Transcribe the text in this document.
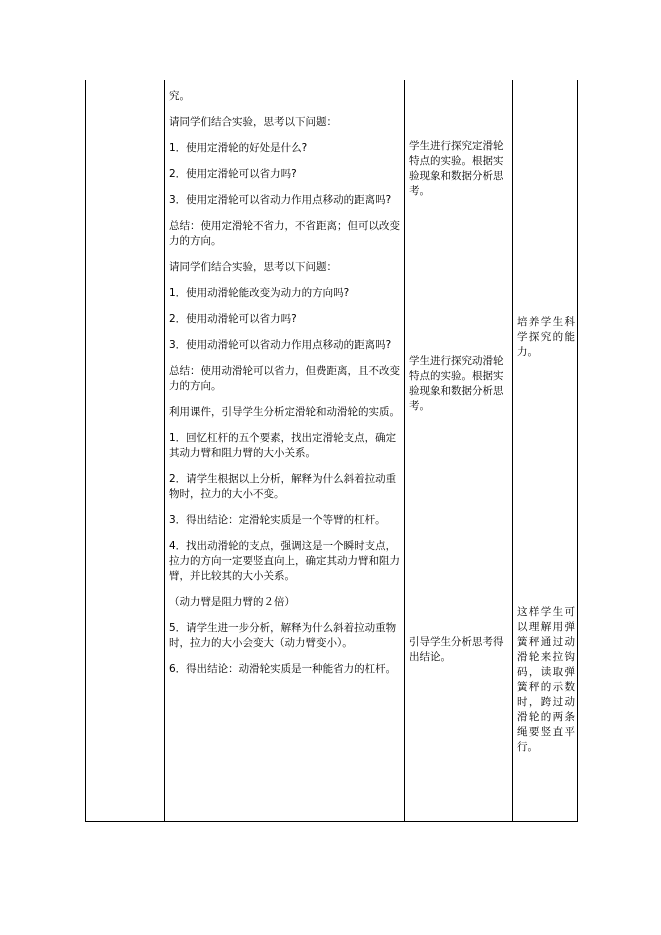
究。

请同学们结合实验，思考以下问题：

1．使用定滑轮的好处是什么?

2．使用定滑轮可以省力吗?

3．使用定滑轮可以省动力作用点移动的距离吗?

总结：使用定滑轮不省力，不省距离；但可以改变力的方向。

请同学们结合实验，思考以下问题：

1．使用动滑轮能改变为动力的方向吗?

2．使用动滑轮可以省力吗?

3．使用动滑轮可以省动力作用点移动的距离吗?

总结：使用动滑轮可以省力，但费距离，且不改变力的方向。

利用课件，引导学生分析定滑轮和动滑轮的实质。

1．回忆杠杆的五个要素，找出定滑轮支点，确定其动力臂和阻力臂的大小关系。

2．请学生根据以上分析，解释为什么斜着拉动重物时，拉力的大小不变。

3．得出结论：定滑轮实质是一个等臂的杠杆。

4．找出动滑轮的支点，强调这是一个瞬时支点，拉力的方向一定要竖直向上，确定其动力臂和阻力臂，并比较其的大小关系。

（动力臂是阻力臂的２倍）

5．请学生进一步分析，解释为什么斜着拉动重物时，拉力的大小会变大（动力臂变小）。

6．得出结论：动滑轮实质是一种能省力的杠杆。

学生进行探究定滑轮特点的实验。根据实验现象和数据分析思考。

学生进行探究动滑轮特点的实验。根据实验现象和数据分析思考。

引导学生分析思考得出结论。

培养学生科学探究的能力。

这样学生可以理解用弹簧秤通过动滑轮来拉钩码，读取弹簧秤的示数时，跨过动滑轮的两条绳要竖直平行。
